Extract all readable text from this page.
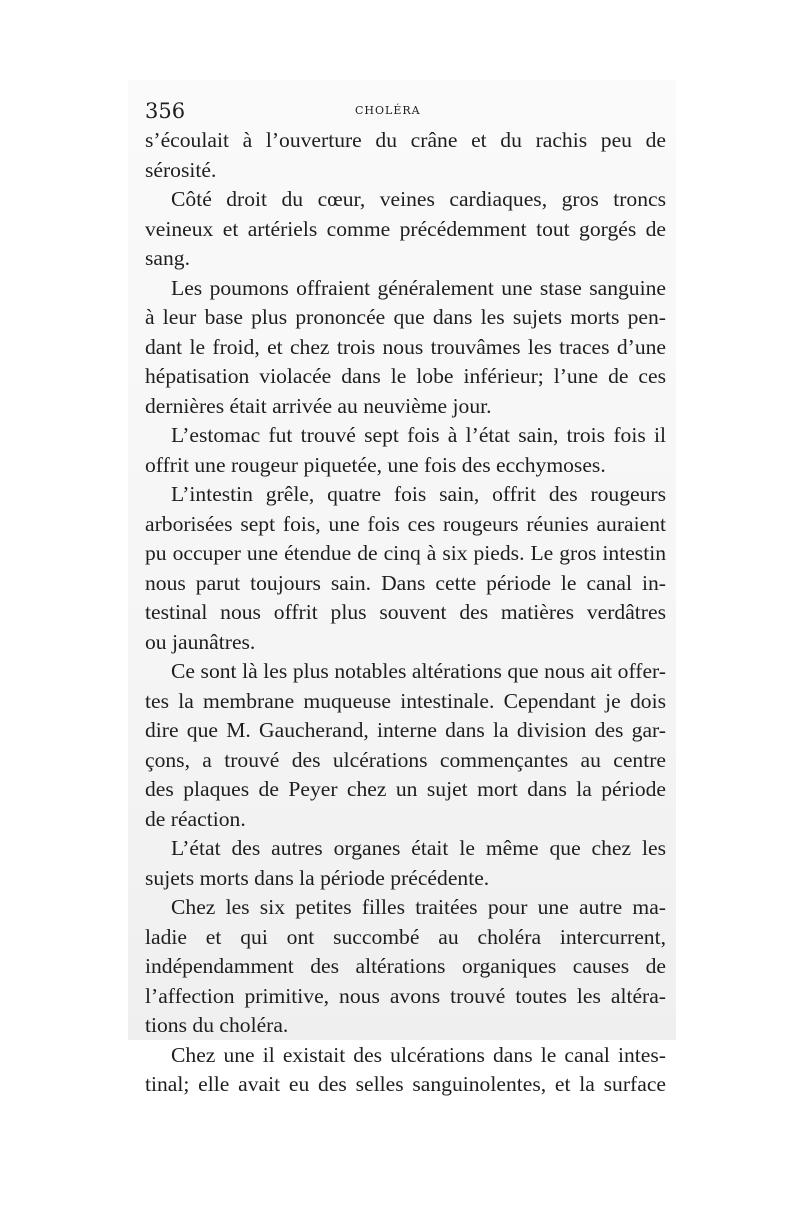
356	CHOLÉRA

s’écoulait à l’ouverture du crâne et du rachis peu de
sérosité.

Côté droit du cœur, veines cardiaques, gros troncs
veineux et artériels comme précédemment tout gorgés de
sang.

Les poumons offraient généralement une stase sanguine
à leur base plus prononcée que dans les sujets morts pen-
dant le froid, et chez trois nous trouvâmes les traces d’une
hépatisation violacée dans le lobe inférieur; l’une de ces
dernières était arrivée au neuvième jour.

L’estomac fut trouvé sept fois à l’état sain, trois fois il
offrit une rougeur piquetée, une fois des ecchymoses.

L’intestin grêle, quatre fois sain, offrit des rougeurs
arborisées sept fois, une fois ces rougeurs réunies auraient
pu occuper une étendue de cinq à six pieds. Le gros intestin
nous parut toujours sain. Dans cette période le canal in-
testinal nous offrit plus souvent des matières verdâtres
ou jaunâtres.

Ce sont là les plus notables altérations que nous ait offer-
tes la membrane muqueuse intestinale. Cependant je dois
dire que M. Gaucherand, interne dans la division des gar-
çons, a trouvé des ulcérations commençantes au centre
des plaques de Peyer chez un sujet mort dans la période
de réaction.

L’état des autres organes était le même que chez les
sujets morts dans la période précédente.

Chez les six petites filles traitées pour une autre ma-
ladie et qui ont succombé au choléra intercurrent,
indépendamment des altérations organiques causes de
l’affection primitive, nous avons trouvé toutes les altéra-
tions du choléra.

Chez une il existait des ulcérations dans le canal intes-
tinal; elle avait eu des selles sanguinolentes, et la surface
